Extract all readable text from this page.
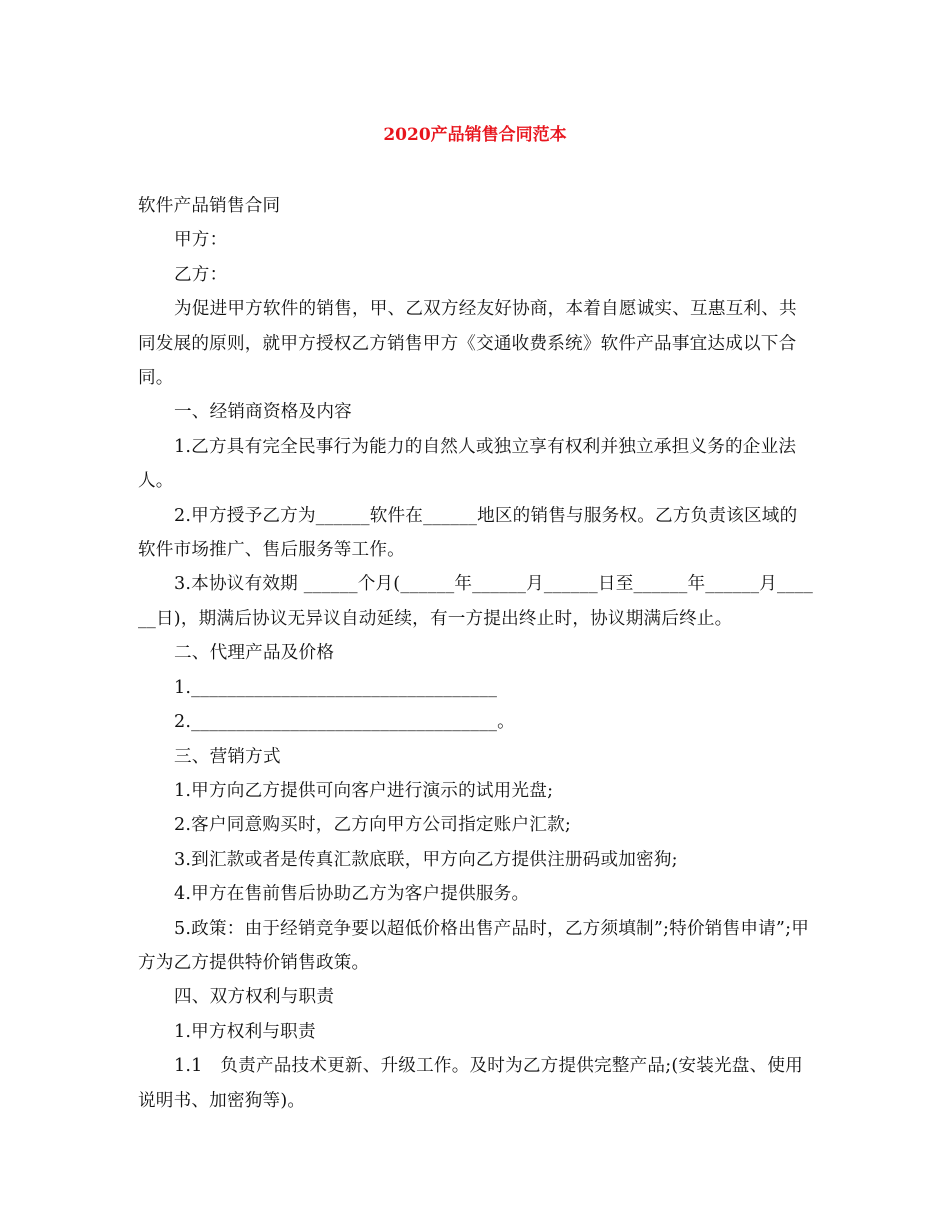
2020产品销售合同范本

软件产品销售合同

甲方：

乙方：

为促进甲方软件的销售，甲、乙双方经友好协商，本着自愿诚实、互惠互利、共同发展的原则，就甲方授权乙方销售甲方《交通收费系统》软件产品事宜达成以下合同。

一、经销商资格及内容

1.乙方具有完全民事行为能力的自然人或独立享有权利并独立承担义务的企业法人。

2.甲方授予乙方为______软件在______地区的销售与服务权。乙方负责该区域的软件市场推广、售后服务等工作。

3.本协议有效期 ______个月(______年______月______日至______年______月______日)，期满后协议无异议自动延续，有一方提出终止时，协议期满后终止。

二、代理产品及价格

1.__________________________________

2.__________________________________。

三、营销方式

1.甲方向乙方提供可向客户进行演示的试用光盘;

2.客户同意购买时，乙方向甲方公司指定账户汇款;

3.到汇款或者是传真汇款底联，甲方向乙方提供注册码或加密狗;

4.甲方在售前售后协助乙方为客户提供服务。

5.政策：由于经销竞争要以超低价格出售产品时，乙方须填制”;特价销售申请”;甲方为乙方提供特价销售政策。

四、双方权利与职责

1.甲方权利与职责

1.1　负责产品技术更新、升级工作。及时为乙方提供完整产品;(安装光盘、使用说明书、加密狗等)。
